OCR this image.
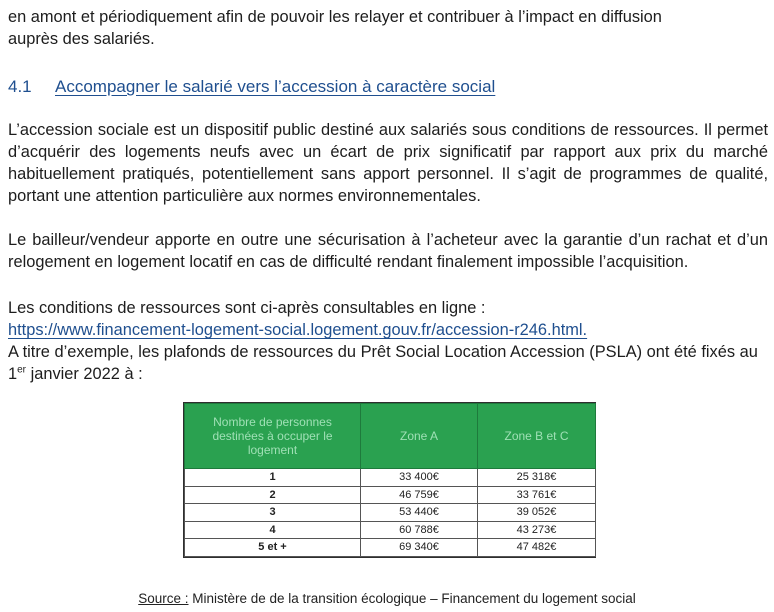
en amont et périodiquement afin de pouvoir les relayer et contribuer à l’impact en diffusion
auprès des salariés.

4.1 Accompagner le salarié vers l’accession à caractère social

L’accession sociale est un dispositif public destiné aux salariés sous conditions de ressources. Il permet d’acquérir des logements neufs avec un écart de prix significatif par rapport aux prix du marché habituellement pratiqués, potentiellement sans apport personnel. Il s’agit de programmes de qualité, portant une attention particulière aux normes environnementales.

Le bailleur/vendeur apporte en outre une sécurisation à l’acheteur avec la garantie d’un rachat et d’un relogement en logement locatif en cas de difficulté rendant finalement impossible l’acquisition.

Les conditions de ressources sont ci-après consultables en ligne :
https://www.financement-logement-social.logement.gouv.fr/accession-r246.html.
A titre d’exemple, les plafonds de ressources du Prêt Social Location Accession (PSLA) ont été fixés au 1er janvier 2022 à :

Nombre de personnes destinées à occuper le logement	Zone A	Zone B et C
1	33 400€	25 318€
2	46 759€	33 761€
3	53 440€	39 052€
4	60 788€	43 273€
5 et +	69 340€	47 482€
Source : Ministère de de la transition écologique – Financement du logement social
